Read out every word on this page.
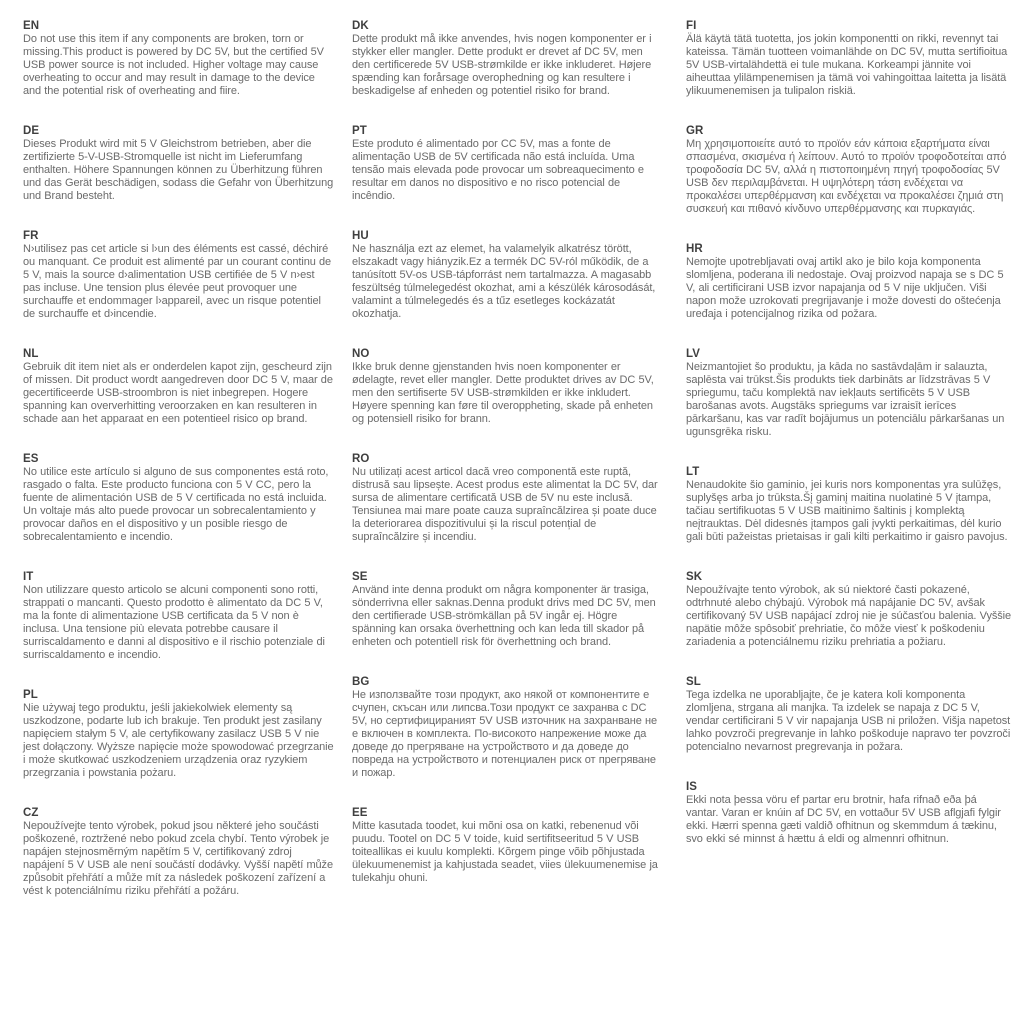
EN

Do not use this item if any components are broken, torn or missing.This product is powered by DC 5V, but the certified 5V USB power source is not included. Higher voltage may cause overheating to occur and may result in damage to the device and the potential risk of overheating and fiire.

DE

Dieses Produkt wird mit 5 V Gleichstrom betrieben, aber die zertifizierte 5-V-USB-Stromquelle ist nicht im Lieferumfang enthalten. Höhere Spannungen können zu Überhitzung führen und das Gerät beschädigen, sodass die Gefahr von Überhitzung und Brand besteht.

FR

N›utilisez pas cet article si l›un des éléments est cassé, déchiré ou manquant. Ce produit est alimenté par un courant continu de 5 V, mais la source d›alimentation USB certifiée de 5 V n›est pas incluse. Une tension plus élevée peut provoquer une surchauffe et endommager l›appareil, avec un risque potentiel de surchauffe et d›incendie.

NL

Gebruik dit item niet als er onderdelen kapot zijn, gescheurd zijn of missen. Dit product wordt aangedreven door DC 5 V, maar de gecertificeerde USB-stroombron is niet inbegrepen. Hogere spanning kan oververhitting veroorzaken en kan resulteren in schade aan het apparaat en een potentieel risico op brand.

ES

No utilice este artículo si alguno de sus componentes está roto, rasgado o falta. Este producto funciona con 5 V CC, pero la fuente de alimentación USB de 5 V certificada no está incluida. Un voltaje más alto puede provocar un sobrecalentamiento y provocar daños en el dispositivo y un posible riesgo de sobrecalentamiento e incendio.

IT

Non utilizzare questo articolo se alcuni componenti sono rotti, strappati o mancanti. Questo prodotto è alimentato da DC 5 V, ma la fonte di alimentazione USB certificata da 5 V non è inclusa. Una tensione più elevata potrebbe causare il surriscaldamento e danni al dispositivo e il rischio potenziale di surriscaldamento e incendio.

PL

Nie używaj tego produktu, jeśli jakiekolwiek elementy są uszkodzone, podarte lub ich brakuje. Ten produkt jest zasilany napięciem stałym 5 V, ale certyfikowany zasilacz USB 5 V nie jest dołączony. Wyższe napięcie może spowodować przegrzanie i może skutkować uszkodzeniem urządzenia oraz ryzykiem przegrzania i powstania pożaru.

CZ

Nepoužívejte tento výrobek, pokud jsou některé jeho součásti poškozené, roztržené nebo pokud zcela chybí. Tento výrobek je napájen stejnosměrným napětím 5 V, certifikovaný zdroj napájení 5 V USB ale není součástí dodávky. Vyšší napětí může způsobit přehřátí a může mít za následek poškození zařízení a vést k potenciálnímu riziku přehřátí a požáru.

DK

Dette produkt må ikke anvendes, hvis nogen komponenter er i stykker eller mangler. Dette produkt er drevet af DC 5V, men den certificerede 5V USB-strømkilde er ikke inkluderet. Højere spænding kan forårsage overophedning og kan resultere i beskadigelse af enheden og potentiel risiko for brand.

PT

Este produto é alimentado por CC 5V, mas a fonte de alimentação USB de 5V certificada não está incluída. Uma tensão mais elevada pode provocar um sobreaquecimento e resultar em danos no dispositivo e no risco potencial de incêndio.

HU

Ne használja ezt az elemet, ha valamelyik alkatrész törött, elszakadt vagy hiányzik.Ez a termék DC 5V-ról működik, de a tanúsított 5V-os USB-tápforrást nem tartalmazza. A magasabb feszültség túlmelegedést okozhat, ami a készülék károsodását, valamint a túlmelegedés és a tűz esetleges kockázatát okozhatja.

NO

Ikke bruk denne gjenstanden hvis noen komponenter er ødelagte, revet eller mangler. Dette produktet drives av DC 5V, men den sertifiserte 5V USB-strømkilden er ikke inkludert. Høyere spenning kan føre til overoppheting, skade på enheten og potensiell risiko for brann.

RO

Nu utilizați acest articol dacă vreo componentă este ruptă, distrusă sau lipsește. Acest produs este alimentat la DC 5V, dar sursa de alimentare certificată USB de 5V nu este inclusă. Tensiunea mai mare poate cauza supraîncălzirea și poate duce la deteriorarea dispozitivului și la riscul potențial de supraîncălzire și incendiu.

SE

Använd inte denna produkt om några komponenter är trasiga, sönderrivna eller saknas.Denna produkt drivs med DC 5V, men den certifierade USB-strömkällan på 5V ingår ej. Högre spänning kan orsaka överhettning och kan leda till skador på enheten och potentiell risk för överhettning och brand.

BG

Не използвайте този продукт, ако някой от компонентите е счупен, скъсан или липсва.Този продукт се захранва с DC 5V, но сертифицираният 5V USB източник на захранване не е включен в комплекта. По-високото напрежение може да доведе до прегряване на устройството и да доведе до повреда на устройството и потенциален риск от прегряване и пожар.

EE

Mitte kasutada toodet, kui mõni osa on katki, rebenenud või puudu. Tootel on DC 5 V toide, kuid sertifitseeritud 5 V USB toiteallikas ei kuulu komplekti. Kõrgem pinge võib põhjustada ülekuumenemist ja kahjustada seadet, viies ülekuumenemise ja tulekahju ohuni.

FI

Älä käytä tätä tuotetta, jos jokin komponentti on rikki, revennyt tai kateissa. Tämän tuotteen voimanlähde on DC 5V, mutta sertifioitua 5V USB-virtalähdettä ei tule mukana. Korkeampi jännite voi aiheuttaa ylilämpenemisen ja tämä voi vahingoittaa laitetta ja lisätä ylikuumenemisen ja tulipalon riskiä.

GR

Μη χρησιμοποιείτε αυτό το προϊόν εάν κάποια εξαρτήματα είναι σπασμένα, σκισμένα ή λείπουν. Αυτό το προϊόν τροφοδοτείται από τροφοδοσία DC 5V, αλλά η πιστοποιημένη πηγή τροφοδοσίας 5V USB δεν περιλαμβάνεται. Η υψηλότερη τάση ενδέχεται να προκαλέσει υπερθέρμανση και ενδέχεται να προκαλέσει ζημιά στη συσκευή και πιθανό κίνδυνο υπερθέρμανσης και πυρκαγιάς.

HR

Nemojte upotrebljavati ovaj artikl ako je bilo koja komponenta slomljena, poderana ili nedostaje. Ovaj proizvod napaja se s DC 5 V, ali certificirani USB izvor napajanja od 5 V nije uključen. Viši napon može uzrokovati pregrijavanje i može dovesti do oštećenja uređaja i potencijalnog rizika od požara.

LV

Neizmantojiet šo produktu, ja kāda no sastāvdaļām ir salauzta, saplēsta vai trūkst.Šis produkts tiek darbināts ar līdzstrāvas 5 V spriegumu, taču komplektā nav iekļauts sertificēts 5 V USB barošanas avots. Augstāks spriegums var izraisīt ierīces pārkaršanu, kas var radīt bojājumus un potenciālu pārkaršanas un ugunsgrēka risku.

LT

Nenaudokite šio gaminio, jei kuris nors komponentas yra sulūžęs, suplyšęs arba jo trūksta.Šį gaminį maitina nuolatinė 5 V įtampa, tačiau sertifikuotas 5 V USB maitinimo šaltinis į komplektą neįtrauktas. Dėl didesnės įtampos gali įvykti perkaitimas, dėl kurio gali būti pažeistas prietaisas ir gali kilti perkaitimo ir gaisro pavojus.

SK

Nepoužívajte tento výrobok, ak sú niektoré časti pokazené, odtrhnuté alebo chýbajú. Výrobok má napájanie DC 5V, avšak certifikovaný 5V USB napájací zdroj nie je súčasťou balenia. Vyššie napätie môže spôsobiť prehriatie, čo môže viesť k poškodeniu zariadenia a potenciálnemu riziku prehriatia a požiaru.

SL

Tega izdelka ne uporabljajte, če je katera koli komponenta zlomljena, strgana ali manjka. Ta izdelek se napaja z DC 5 V, vendar certificirani 5 V vir napajanja USB ni priložen. Višja napetost lahko povzroči pregrevanje in lahko poškoduje napravo ter povzroči potencialno nevarnost pregrevanja in požara.

IS

Ekki nota þessa vöru ef partar eru brotnir, hafa rifnað eða þá vantar. Varan er knúin af DC 5V, en vottaður 5V USB aflgjafi fylgir ekki. Hærri spenna gæti valdið ofhitnun og skemmdum á tækinu, svo ekki sé minnst á hættu á eldi og almennri ofhitnun.
